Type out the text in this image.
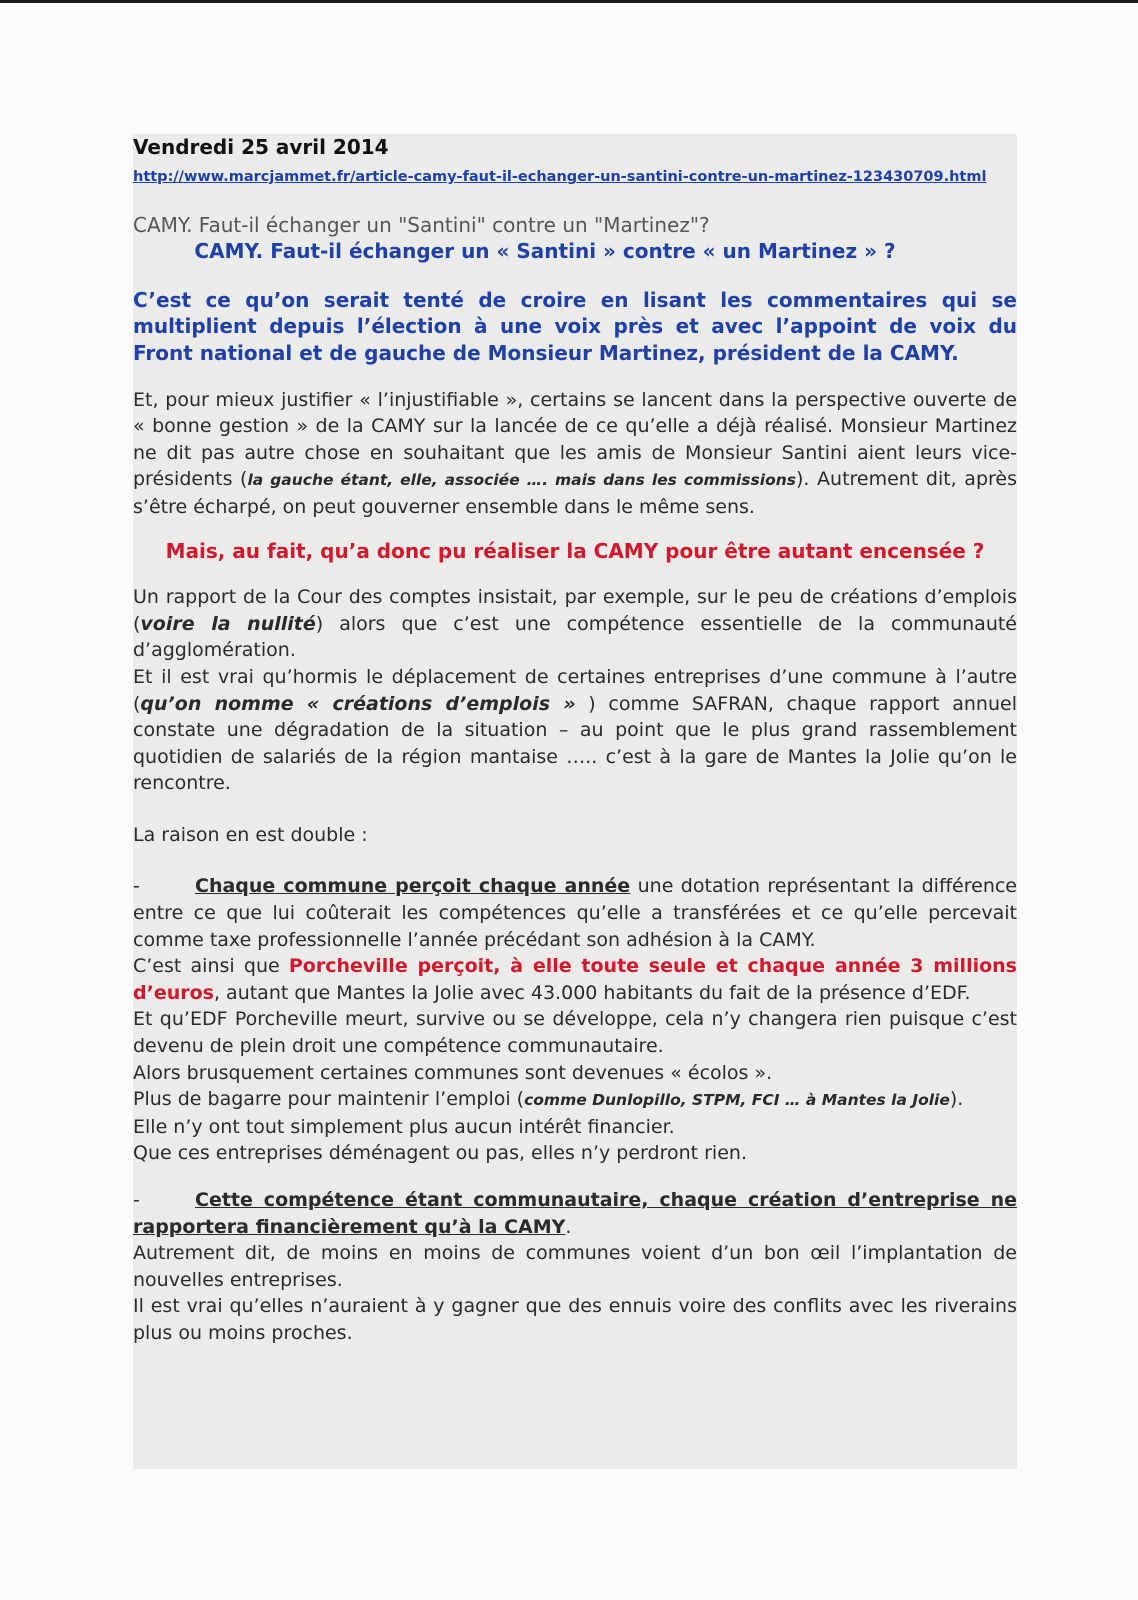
Vendredi 25 avril 2014

http://www.marcjammet.fr/article-camy-faut-il-echanger-un-santini-contre-un-martinez-123430709.html

CAMY. Faut-il échanger un "Santini" contre un "Martinez"?

CAMY. Faut-il échanger un « Santini » contre « un Martinez » ?

C’est ce qu’on serait tenté de croire en lisant les commentaires qui se multiplient depuis l’élection à une voix près et avec l’appoint de voix du Front national et de gauche de Monsieur Martinez, président de la CAMY.

Et, pour mieux justifier « l’injustifiable », certains se lancent dans la perspective ouverte de « bonne gestion » de la CAMY sur la lancée de ce qu’elle a déjà réalisé. Monsieur Martinez ne dit pas autre chose en souhaitant que les amis de Monsieur Santini aient leurs vice-présidents (la gauche étant, elle, associée …. mais dans les commissions). Autrement dit, après s’être écharpé, on peut gouverner ensemble dans le même sens.

Mais, au fait, qu’a donc pu réaliser la CAMY pour être autant encensée ?

Un rapport de la Cour des comptes insistait, par exemple, sur le peu de créations d’emplois (voire la nullité) alors que c’est une compétence essentielle de la communauté d’agglomération.

Et il est vrai qu’hormis le déplacement de certaines entreprises d’une commune à l’autre (qu’on nomme « créations d’emplois » ) comme SAFRAN, chaque rapport annuel constate une dégradation de la situation – au point que le plus grand rassemblement quotidien de salariés de la région mantaise ….. c’est à la gare de Mantes la Jolie qu’on le rencontre.

La raison en est double :

-	Chaque commune perçoit chaque année une dotation représentant la différence entre ce que lui coûterait les compétences qu’elle a transférées et ce qu’elle percevait comme taxe professionnelle l’année précédant son adhésion à la CAMY.

C’est ainsi que Porcheville perçoit, à elle toute seule et chaque année 3 millions d’euros, autant que Mantes la Jolie avec 43.000 habitants du fait de la présence d’EDF.

Et qu’EDF Porcheville meurt, survive ou se développe, cela n’y changera rien puisque c’est devenu de plein droit une compétence communautaire.

Alors brusquement certaines communes sont devenues « écolos ».

Plus de bagarre pour maintenir l’emploi (comme Dunlopillo, STPM, FCI … à Mantes la Jolie).

Elle n’y ont tout simplement plus aucun intérêt financier.

Que ces entreprises déménagent ou pas, elles n’y perdront rien.

-	Cette compétence étant communautaire, chaque création d’entreprise ne rapportera financièrement qu’à la CAMY.

Autrement dit, de moins en moins de communes voient d’un bon œil l’implantation de nouvelles entreprises.

Il est vrai qu’elles n’auraient à y gagner que des ennuis voire des conflits avec les riverains plus ou moins proches.
